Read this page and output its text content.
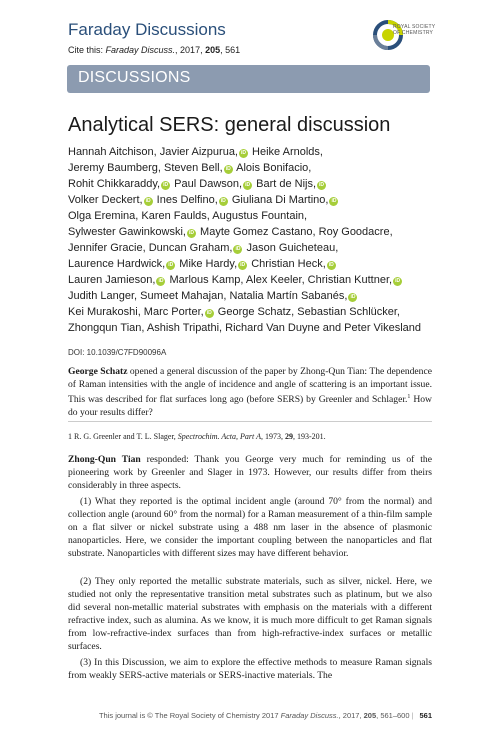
Faraday Discussions
Cite this: Faraday Discuss., 2017, 205, 561
ROYAL SOCIETY
OF CHEMISTRY
DISCUSSIONS
Analytical SERS: general discussion
Hannah Aitchison, Javier Aizpurua, iD Heike Arnolds,
Jeremy Baumberg, Steven Bell, iD Alois Bonifacio,
Rohit Chikkaraddy, iD Paul Dawson, iD Bart de Nijs, iD
Volker Deckert, iD Ines Delfino, iD Giuliana Di Martino, iD
Olga Eremina, Karen Faulds, Augustus Fountain,
Sylwester Gawinkowski, iD Mayte Gomez Castano, Roy Goodacre,
Jennifer Gracie, Duncan Graham, iD Jason Guicheteau,
Laurence Hardwick, iD Mike Hardy, iD Christian Heck, iD
Lauren Jamieson, iD Marlous Kamp, Alex Keeler, Christian Kuttner, iD
Judith Langer, Sumeet Mahajan, Natalia Martín Sabanés, iD
Kei Murakoshi, Marc Porter, iD George Schatz, Sebastian Schlücker,
Zhongqun Tian, Ashish Tripathi, Richard Van Duyne and Peter Vikesland
DOI: 10.1039/C7FD90096A
George Schatz opened a general discussion of the paper by Zhong-Qun Tian: The dependence of Raman intensities with the angle of incidence and angle of scattering is an important issue. This was described for flat surfaces long ago (before SERS) by Greenler and Schlager.$^1$ How do your results differ?
1 R. G. Greenler and T. L. Slager, Spectrochim. Acta, Part A, 1973, 29, 193-201.
Zhong-Qun Tian responded: Thank you George very much for reminding us of the pioneering work by Greenler and Slager in 1973. However, our results differ from theirs considerably in three aspects.
(1) What they reported is the optimal incident angle (around 70° from the normal) and collection angle (around 60° from the normal) for a Raman measurement of a thin-film sample on a flat silver or nickel substrate using a 488 nm laser in the absence of plasmonic nanoparticles. Here, we consider the important coupling between the nanoparticles and flat substrate. Nanoparticles with different sizes may have different behavior.
(2) They only reported the metallic substrate materials, such as silver, nickel. Here, we studied not only the representative transition metal substrates such as platinum, but we also did several non-metallic material substrates with emphasis on the materials with a different refractive index, such as alumina. As we know, it is much more difficult to get Raman signals from low-refractive-index surfaces than from high-refractive-index surfaces or metallic surfaces.
(3) In this Discussion, we aim to explore the effective methods to measure Raman signals from weakly SERS-active materials or SERS-inactive materials. The
This journal is © The Royal Society of Chemistry 2017 Faraday Discuss., 2017, 205, 561–600 | 561
